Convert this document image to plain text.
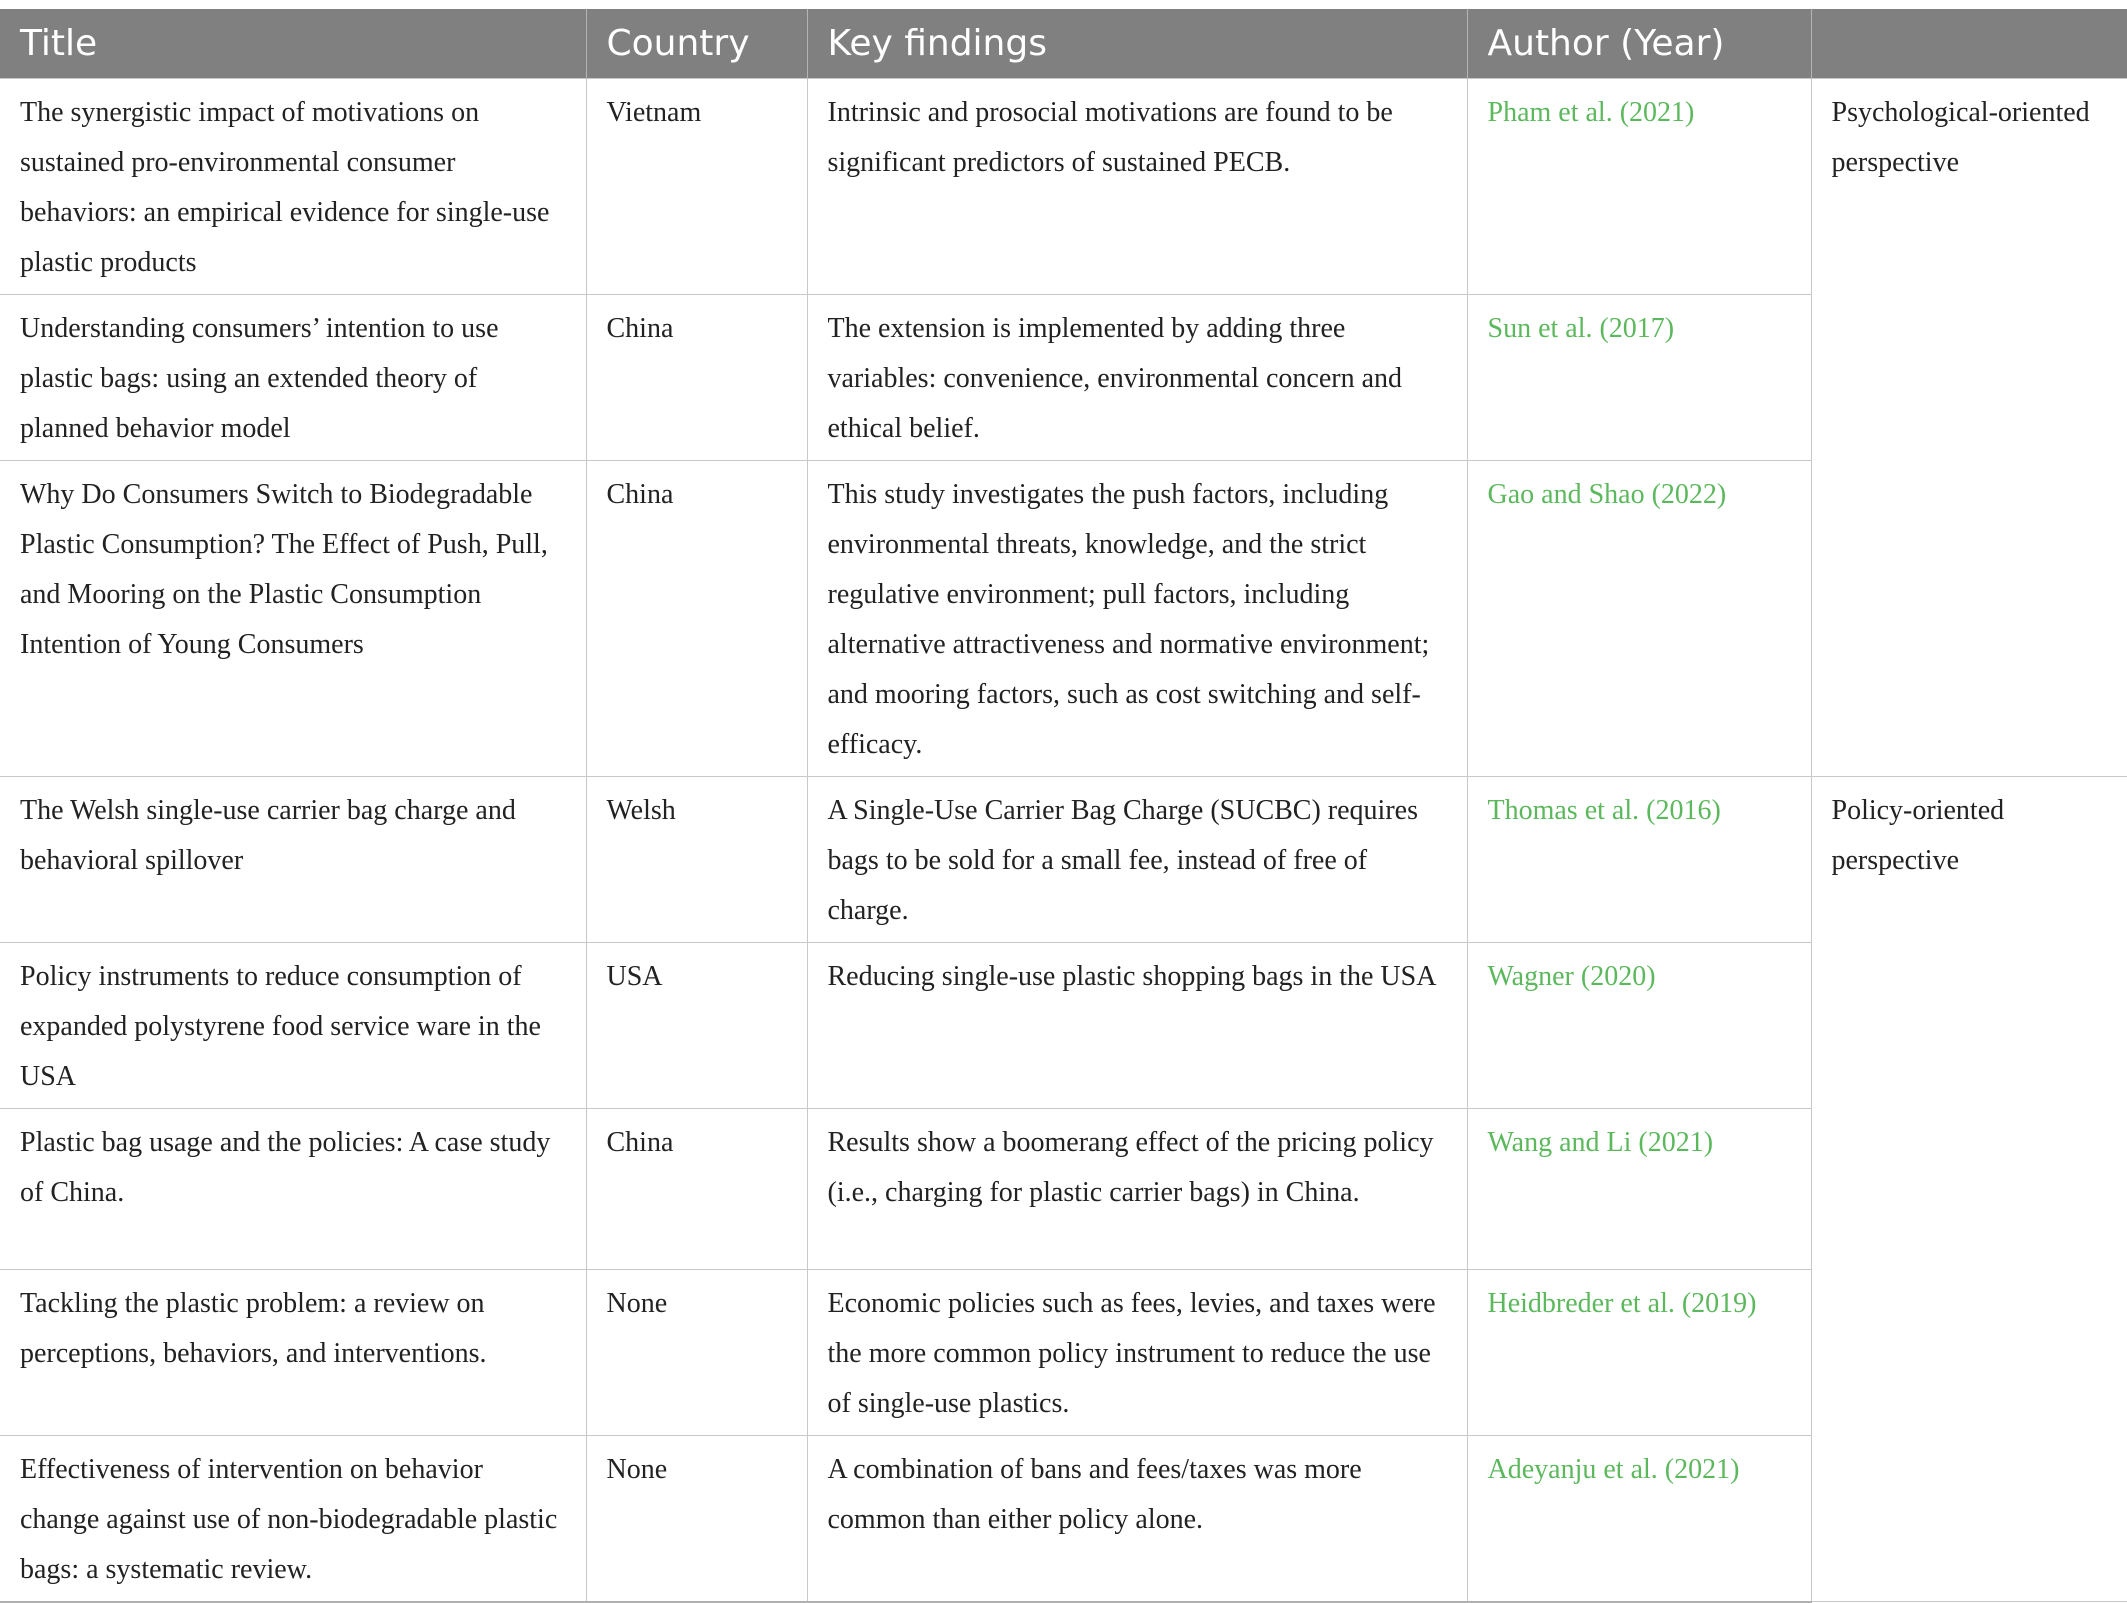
Title	Country	Key findings	Author (Year)	
The synergistic impact of motivations on sustained pro-environmental consumer behaviors: an empirical evidence for single-use plastic products	Vietnam	Intrinsic and prosocial motivations are found to be significant predictors of sustained PECB.	Pham et al. (2021)	Psychological-oriented perspective
Understanding consumers’ intention to use plastic bags: using an extended theory of planned behavior model	China	The extension is implemented by adding three variables: convenience, environmental concern and ethical belief.	Sun et al. (2017)	
Why Do Consumers Switch to Biodegradable Plastic Consumption? The Effect of Push, Pull, and Mooring on the Plastic Consumption Intention of Young Consumers	China	This study investigates the push factors, including environmental threats, knowledge, and the strict regulative environment; pull factors, including alternative attractiveness and normative environment; and mooring factors, such as cost switching and self-efficacy.	Gao and Shao (2022)	
The Welsh single-use carrier bag charge and behavioral spillover	Welsh	A Single-Use Carrier Bag Charge (SUCBC) requires bags to be sold for a small fee, instead of free of charge.	Thomas et al. (2016)	Policy-oriented perspective
Policy instruments to reduce consumption of expanded polystyrene food service ware in the USA	USA	Reducing single-use plastic shopping bags in the USA	Wagner (2020)	
Plastic bag usage and the policies: A case study of China.	China	Results show a boomerang effect of the pricing policy (i.e., charging for plastic carrier bags) in China.	Wang and Li (2021)	
Tackling the plastic problem: a review on perceptions, behaviors, and interventions.	None	Economic policies such as fees, levies, and taxes were the more common policy instrument to reduce the use of single-use plastics.	Heidbreder et al. (2019)	
Effectiveness of intervention on behavior change against use of non-biodegradable plastic bags: a systematic review.	None	A combination of bans and fees/taxes was more common than either policy alone.	Adeyanju et al. (2021)	
